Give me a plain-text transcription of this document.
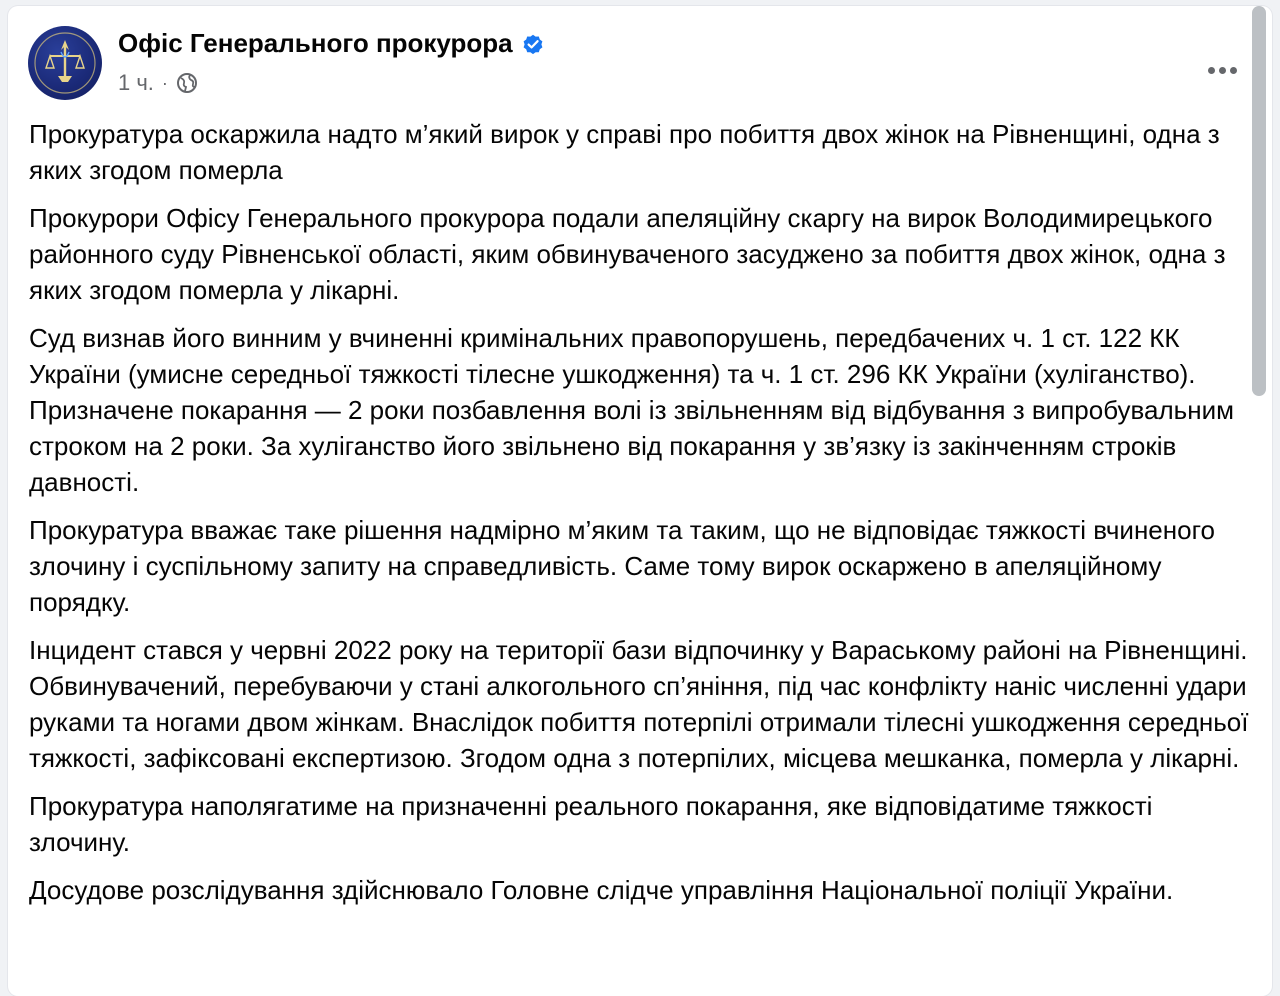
Офіс Генерального прокурора
1 ч. ·

Прокуратура оскаржила надто м’який вирок у справі про побиття двох жінок на Рівненщині, одна з яких згодом померла

Прокурори Офісу Генерального прокурора подали апеляційну скаргу на вирок Володимирецького районного суду Рівненської області, яким обвинуваченого засуджено за побиття двох жінок, одна з яких згодом померла у лікарні.

Суд визнав його винним у вчиненні кримінальних правопорушень, передбачених ч. 1 ст. 122 КК України (умисне середньої тяжкості тілесне ушкодження) та ч. 1 ст. 296 КК України (хуліганство). Призначене покарання — 2 роки позбавлення волі із звільненням від відбування з випробувальним строком на 2 роки. За хуліганство його звільнено від покарання у зв’язку із закінченням строків давності.

Прокуратура вважає таке рішення надмірно м’яким та таким, що не відповідає тяжкості вчиненого злочину і суспільному запиту на справедливість. Саме тому вирок оскаржено в апеляційному порядку.

Інцидент стався у червні 2022 року на території бази відпочинку у Вараському районі на Рівненщині. Обвинувачений, перебуваючи у стані алкогольного сп’яніння, під час конфлікту наніс численні удари руками та ногами двом жінкам. Внаслідок побиття потерпілі отримали тілесні ушкодження середньої тяжкості, зафіксовані експертизою. Згодом одна з потерпілих, місцева мешканка, померла у лікарні.

Прокуратура наполягатиме на призначенні реального покарання, яке відповідатиме тяжкості злочину.

Досудове розслідування здійснювало Головне слідче управління Національної поліції України.
